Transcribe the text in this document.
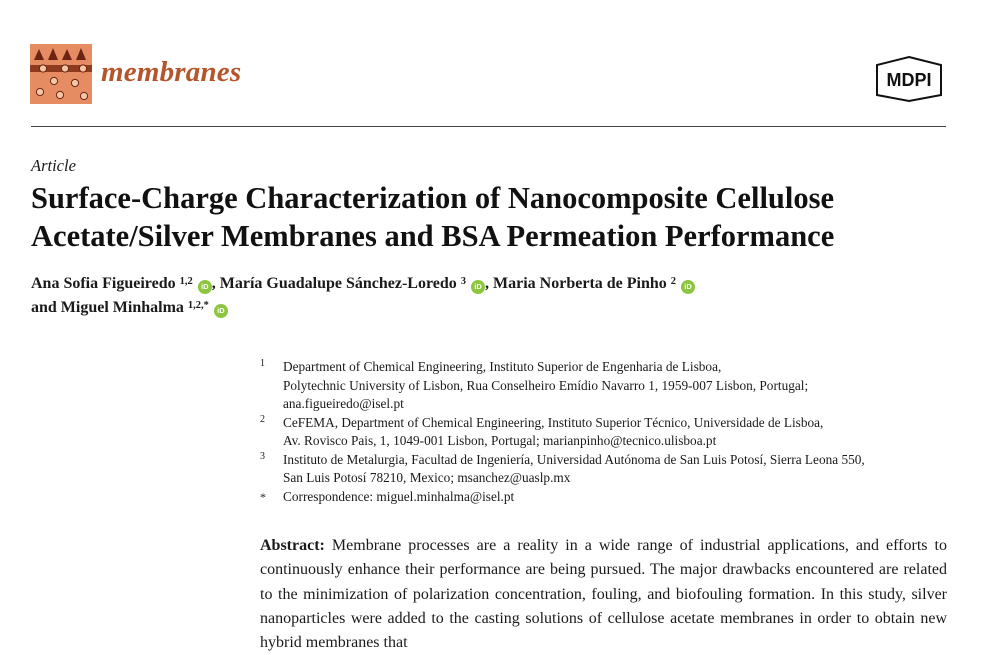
membranes	MDPI
Article
Surface-Charge Characterization of Nanocomposite Cellulose
Acetate/Silver Membranes and BSA Permeation Performance
Ana Sofia Figueiredo $^{1,2}$ iD , María Guadalupe Sánchez-Loredo $^3$ iD , Maria Norberta de Pinho $^2$ iD
and Miguel Minhalma $^{1,2,*}$ iD
1 Department of Chemical Engineering, Instituto Superior de Engenharia de Lisboa,
Polytechnic University of Lisbon, Rua Conselheiro Emídio Navarro 1, 1959-007 Lisbon, Portugal;
ana.figueiredo@isel.pt
2 CeFEMA, Department of Chemical Engineering, Instituto Superior Técnico, Universidade de Lisboa,
Av. Rovisco Pais, 1, 1049-001 Lisbon, Portugal; marianpinho@tecnico.ulisboa.pt
3 Instituto de Metalurgia, Facultad de Ingeniería, Universidad Autónoma de San Luis Potosí, Sierra Leona 550,
San Luis Potosí 78210, Mexico; msanchez@uaslp.mx
* Correspondence: miguel.minhalma@isel.pt
Abstract: Membrane processes are a reality in a wide range of industrial applications, and efforts to continuously enhance their performance are being pursued. The major drawbacks encountered are related to the minimization of polarization concentration, fouling, and biofouling formation. In this study, silver nanoparticles were added to the casting solutions of cellulose acetate membranes in order to obtain new hybrid membranes that
